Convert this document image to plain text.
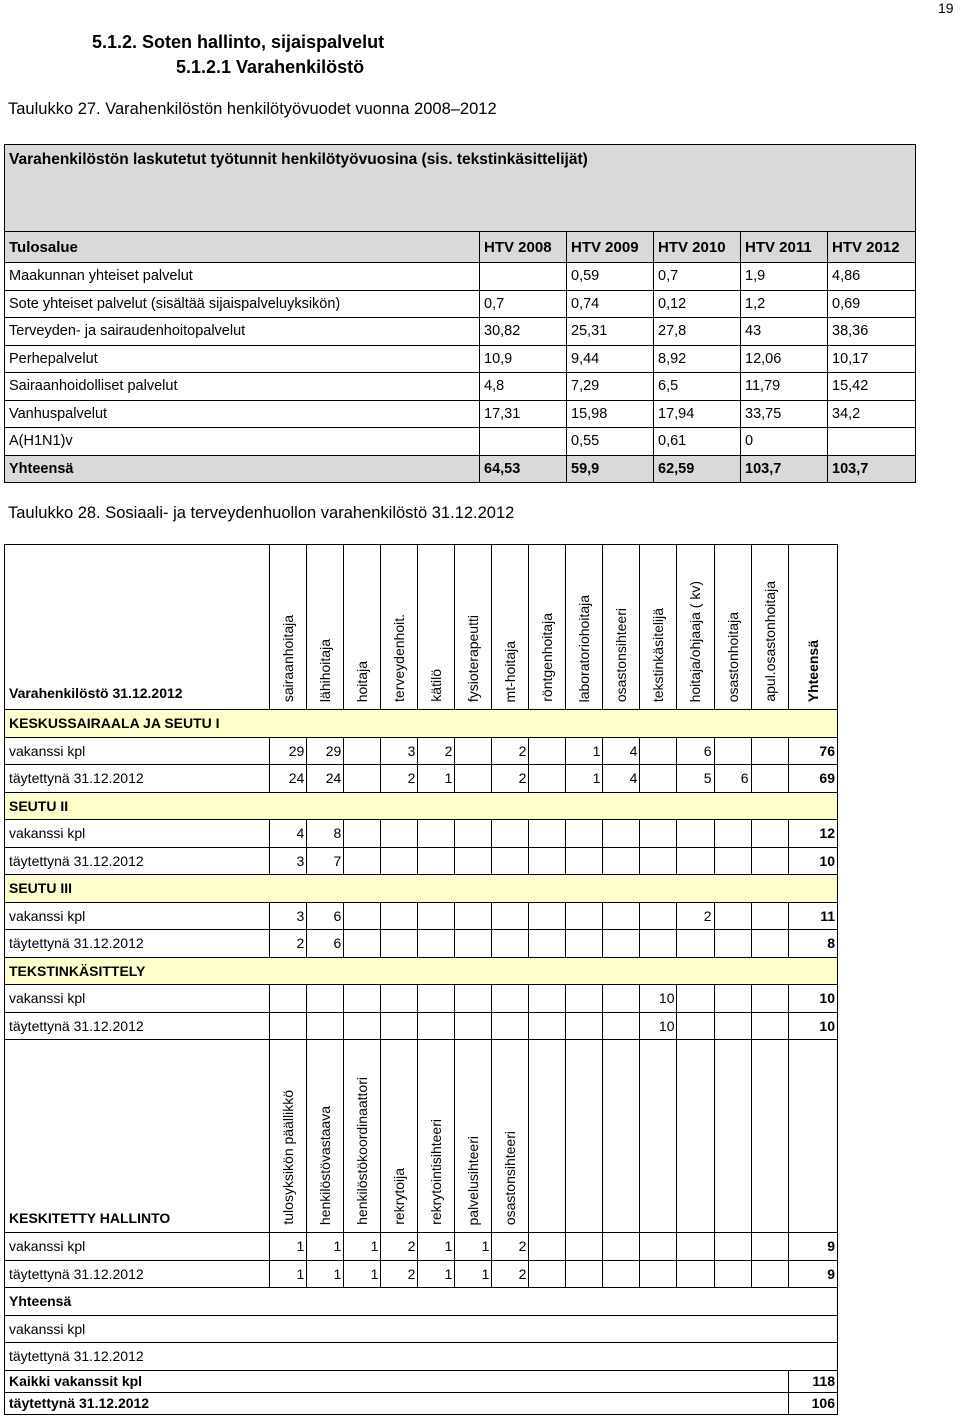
19
5.1.2. Soten hallinto, sijaispalvelut
5.1.2.1 Varahenkilöstö
Taulukko 27. Varahenkilöstön henkilötyövuodet vuonna 2008–2012
Varahenkilöstön laskutetut työtunnit henkilötyövuosina (sis. tekstinkäsittelijät)					
Tulosalue	HTV 2008	HTV 2009	HTV 2010	HTV 2011	HTV 2012
Maakunnan yhteiset palvelut		0,59	0,7	1,9	4,86
Sote yhteiset palvelut (sisältää sijaispalveluyksikön)	0,7	0,74	0,12	1,2	0,69
Terveyden- ja sairaudenhoitopalvelut	30,82	25,31	27,8	43	38,36
Perhepalvelut	10,9	9,44	8,92	12,06	10,17
Sairaanhoidolliset palvelut	4,8	7,29	6,5	11,79	15,42
Vanhuspalvelut	17,31	15,98	17,94	33,75	34,2
A(H1N1)v		0,55	0,61	0	
Yhteensä	64,53	59,9	62,59	103,7	103,7
Taulukko 28. Sosiaali- ja terveydenhuollon varahenkilöstö 31.12.2012
Varahenkilöstö 31.12.2012	sairaanhoitaja	lähihoitaja	hoitaja	terveydenhoit.	kätilö	fysioterapeutti	mt-hoitaja	röntgenhoitaja	laboratoriohoitaja	osastonsihteeri	tekstinkäsitelijä	hoitaja/ohjaaja ( kv)	osastonhoitaja	apul.osastonhoitaja	Yhteensä
KESKUSSAIRAALA JA SEUTU I															
vakanssi kpl	29	29		3	2		2		1	4		6			76
täytettynä 31.12.2012	24	24		2	1		2		1	4		5	6		69
SEUTU II															
vakanssi kpl	4	8													12
täytettynä 31.12.2012	3	7													10
SEUTU III															
vakanssi kpl	3	6										2			11
täytettynä 31.12.2012	2	6													8
TEKSTINKÄSITTELY															
vakanssi kpl											10				10
täytettynä 31.12.2012											10				10
KESKITETTY HALLINTO	tulosyksikön päällikkö	henkilöstövastaava	henkilöstökoordinaattori	rekrytoija	rekrytointisihteeri	palvelusihteeri	osastonsihteeri								
vakanssi kpl	1	1	1	2	1	1	2								9
täytettynä 31.12.2012	1	1	1	2	1	1	2								9
Yhteensä															
vakanssi kpl															
täytettynä 31.12.2012															
Kaikki vakanssit kpl															118
täytettynä 31.12.2012															106
